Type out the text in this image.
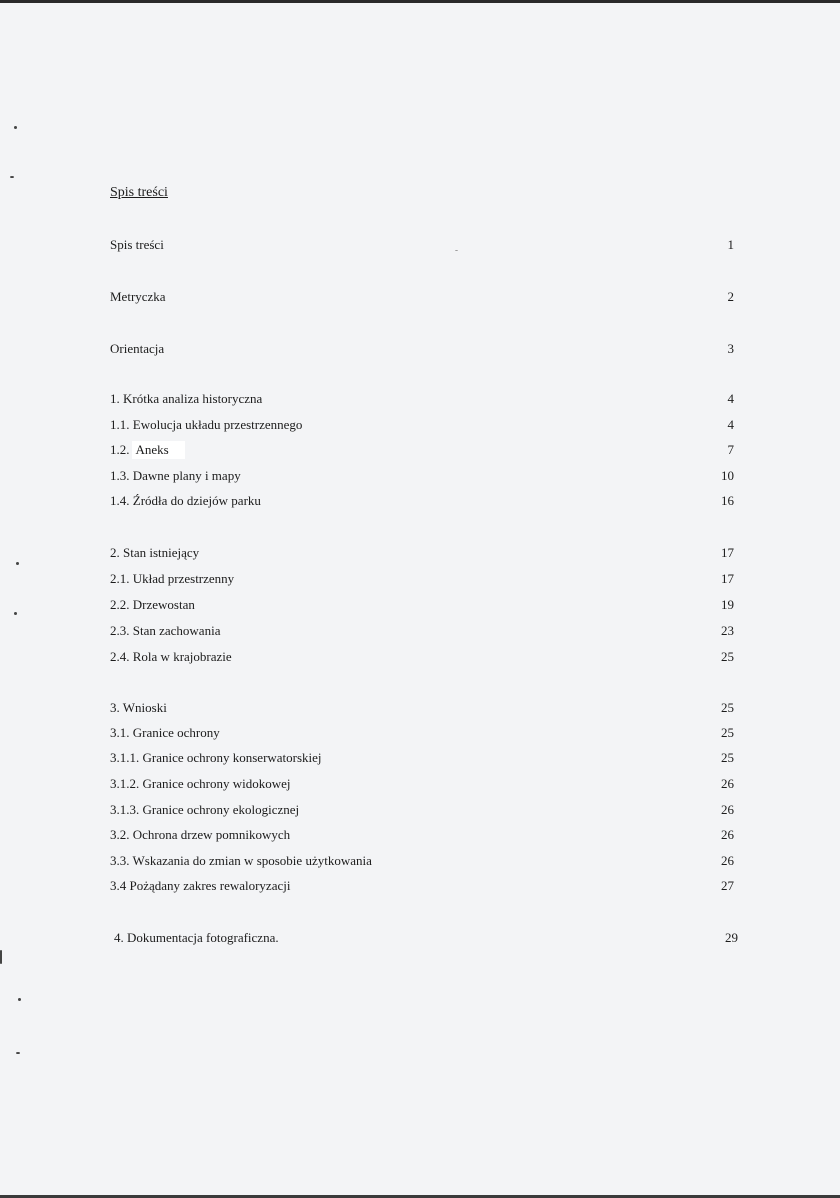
Spis treści
Spis treści	1
Metryczka	2
Orientacja	3
1. Krótka analiza historyczna	4
1.1. Ewolucja układu przestrzennego	4
1.2. Aneks	7
1.3. Dawne plany i mapy	10
1.4. Źródła do dziejów parku	16
2. Stan istniejący	17
2.1. Układ przestrzenny	17
2.2. Drzewostan	19
2.3. Stan zachowania	23
2.4. Rola w krajobrazie	25
3. Wnioski	25
3.1. Granice ochrony	25
3.1.1. Granice ochrony konserwatorskiej	25
3.1.2. Granice ochrony widokowej	26
3.1.3. Granice ochrony ekologicznej	26
3.2. Ochrona drzew pomnikowych	26
3.3. Wskazania do zmian w sposobie użytkowania	26
3.4 Pożądany zakres rewaloryzacji	27
4. Dokumentacja fotograficzna.	29
